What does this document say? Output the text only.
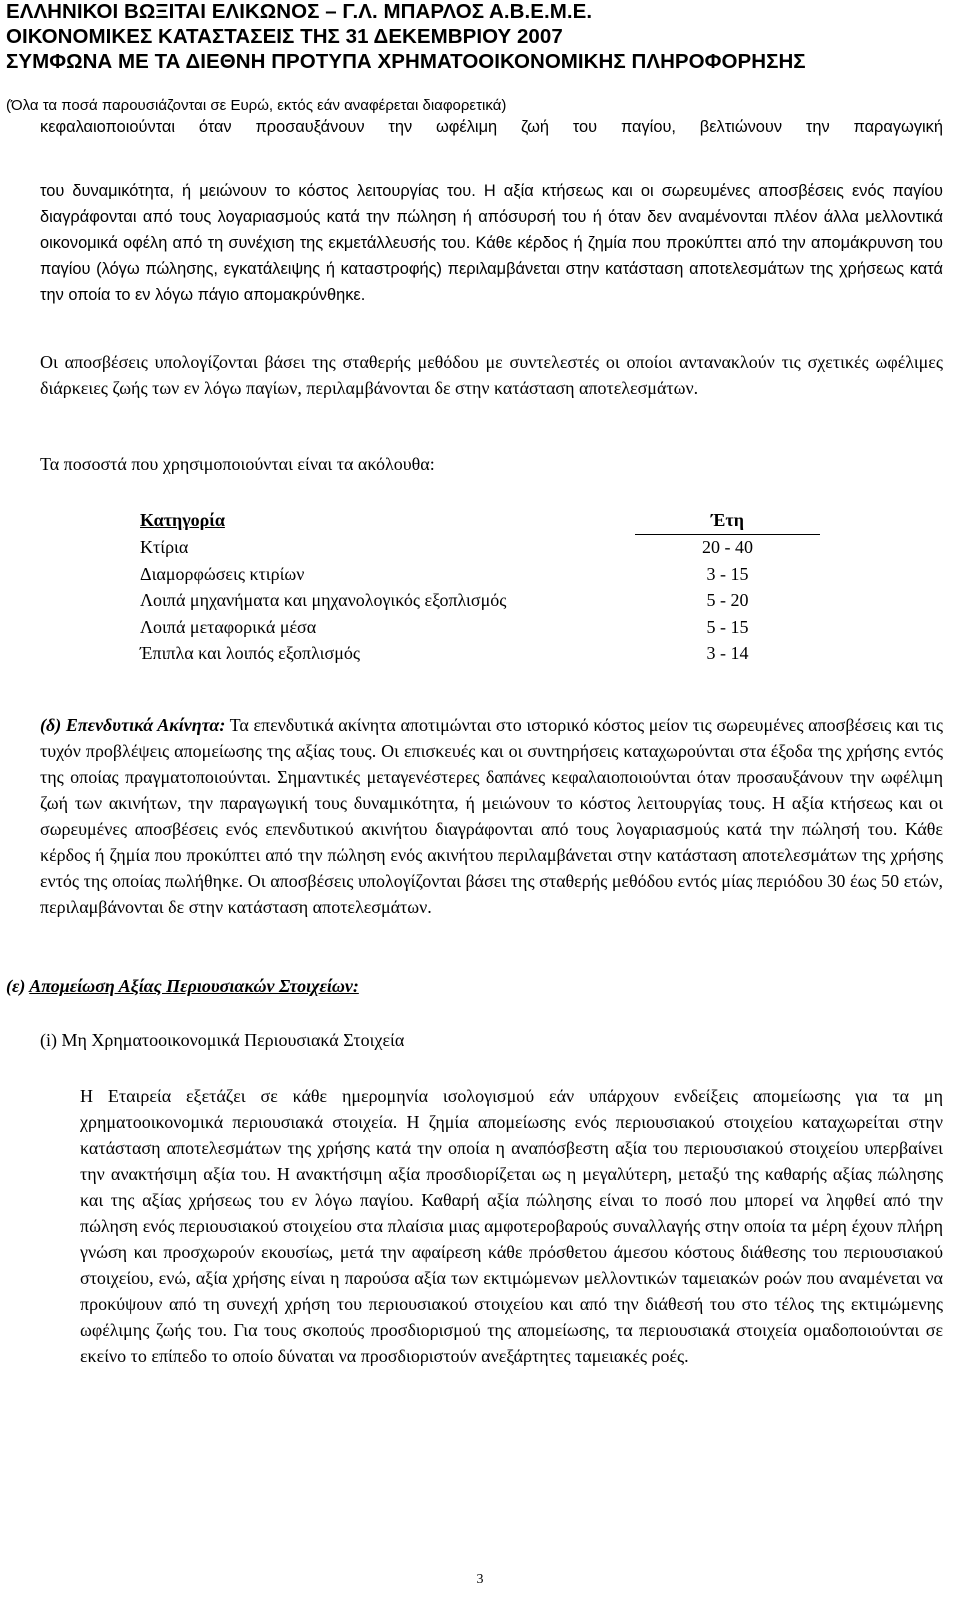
ΕΛΛΗΝΙΚΟΙ ΒΩΞΙΤΑΙ ΕΛΙΚΩΝΟΣ – Γ.Λ. ΜΠΑΡΛΟΣ Α.Β.Ε.Μ.Ε.
ΟΙΚΟΝΟΜΙΚΕΣ ΚΑΤΑΣΤΑΣΕΙΣ ΤΗΣ 31 ΔΕΚΕΜΒΡΙΟΥ 2007
ΣΥΜΦΩΝΑ ΜΕ ΤΑ ΔΙΕΘΝΗ ΠΡΟΤΥΠΑ ΧΡΗΜΑΤΟΟΙΚΟΝΟΜΙΚΗΣ ΠΛΗΡΟΦΟΡΗΣΗΣ
(Όλα τα ποσά παρουσιάζονται σε Ευρώ, εκτός εάν αναφέρεται διαφορετικά)
κεφαλαιοποιούνται όταν προσαυξάνουν την ωφέλιμη ζωή του παγίου, βελτιώνουν την παραγωγική
του δυναμικότητα, ή μειώνουν το κόστος λειτουργίας του. Η αξία κτήσεως και οι σωρευμένες αποσβέσεις ενός παγίου διαγράφονται από τους λογαριασμούς κατά την πώληση ή απόσυρσή του ή όταν δεν αναμένονται πλέον άλλα μελλοντικά οικονομικά οφέλη από τη συνέχιση της εκμετάλλευσής του. Κάθε κέρδος ή ζημία που προκύπτει από την απομάκρυνση του παγίου (λόγω πώλησης, εγκατάλειψης ή καταστροφής) περιλαμβάνεται στην κατάσταση αποτελεσμάτων της χρήσεως κατά την οποία το εν λόγω πάγιο απομακρύνθηκε.
Οι αποσβέσεις υπολογίζονται βάσει της σταθερής μεθόδου με συντελεστές οι οποίοι αντανακλούν τις σχετικές ωφέλιμες διάρκειες ζωής των εν λόγω παγίων, περιλαμβάνονται δε στην κατάσταση αποτελεσμάτων.
Τα ποσοστά που χρησιμοποιούνται είναι τα ακόλουθα:
Κατηγορία	Έτη
Κτίρια	20 - 40
Διαμορφώσεις κτιρίων	3 - 15
Λοιπά μηχανήματα και μηχανολογικός εξοπλισμός	5 - 20
Λοιπά μεταφορικά μέσα	5 - 15
Έπιπλα και λοιπός εξοπλισμός	3 - 14
(δ) Επενδυτικά Ακίνητα: Τα επενδυτικά ακίνητα αποτιμώνται στο ιστορικό κόστος μείον τις σωρευμένες αποσβέσεις και τις τυχόν προβλέψεις απομείωσης της αξίας τους. Οι επισκευές και οι συντηρήσεις καταχωρούνται στα έξοδα της χρήσης εντός της οποίας πραγματοποιούνται. Σημαντικές μεταγενέστερες δαπάνες κεφαλαιοποιούνται όταν προσαυξάνουν την ωφέλιμη ζωή των ακινήτων, την παραγωγική τους δυναμικότητα, ή μειώνουν το κόστος λειτουργίας τους. Η αξία κτήσεως και οι σωρευμένες αποσβέσεις ενός επενδυτικού ακινήτου διαγράφονται από τους λογαριασμούς κατά την πώλησή του. Κάθε κέρδος ή ζημία που προκύπτει από την πώληση ενός ακινήτου περιλαμβάνεται στην κατάσταση αποτελεσμάτων της χρήσης εντός της οποίας πωλήθηκε. Οι αποσβέσεις υπολογίζονται βάσει της σταθερής μεθόδου εντός μίας περιόδου 30 έως 50 ετών, περιλαμβάνονται δε στην κατάσταση αποτελεσμάτων.
(ε) Απομείωση Αξίας Περιουσιακών Στοιχείων:
(i) Μη Χρηματοοικονομικά Περιουσιακά Στοιχεία
Η Εταιρεία εξετάζει σε κάθε ημερομηνία ισολογισμού εάν υπάρχουν ενδείξεις απομείωσης για τα μη χρηματοοικονομικά περιουσιακά στοιχεία. Η ζημία απομείωσης ενός περιουσιακού στοιχείου καταχωρείται στην κατάσταση αποτελεσμάτων της χρήσης κατά την οποία η αναπόσβεστη αξία του περιουσιακού στοιχείου υπερβαίνει την ανακτήσιμη αξία του. Η ανακτήσιμη αξία προσδιορίζεται ως η μεγαλύτερη, μεταξύ της καθαρής αξίας πώλησης και της αξίας χρήσεως του εν λόγω παγίου. Καθαρή αξία πώλησης είναι το ποσό που μπορεί να ληφθεί από την πώληση ενός περιουσιακού στοιχείου στα πλαίσια μιας αμφοτεροβαρούς συναλλαγής στην οποία τα μέρη έχουν πλήρη γνώση και προσχωρούν εκουσίως, μετά την αφαίρεση κάθε πρόσθετου άμεσου κόστους διάθεσης του περιουσιακού στοιχείου, ενώ, αξία χρήσης είναι η παρούσα αξία των εκτιμώμενων μελλοντικών ταμειακών ροών που αναμένεται να προκύψουν από τη συνεχή χρήση του περιουσιακού στοιχείου και από την διάθεσή του στο τέλος της εκτιμώμενης ωφέλιμης ζωής του. Για τους σκοπούς προσδιορισμού της απομείωσης, τα περιουσιακά στοιχεία ομαδοποιούνται σε εκείνο το επίπεδο το οποίο δύναται να προσδιοριστούν ανεξάρτητες ταμειακές ροές.
3
